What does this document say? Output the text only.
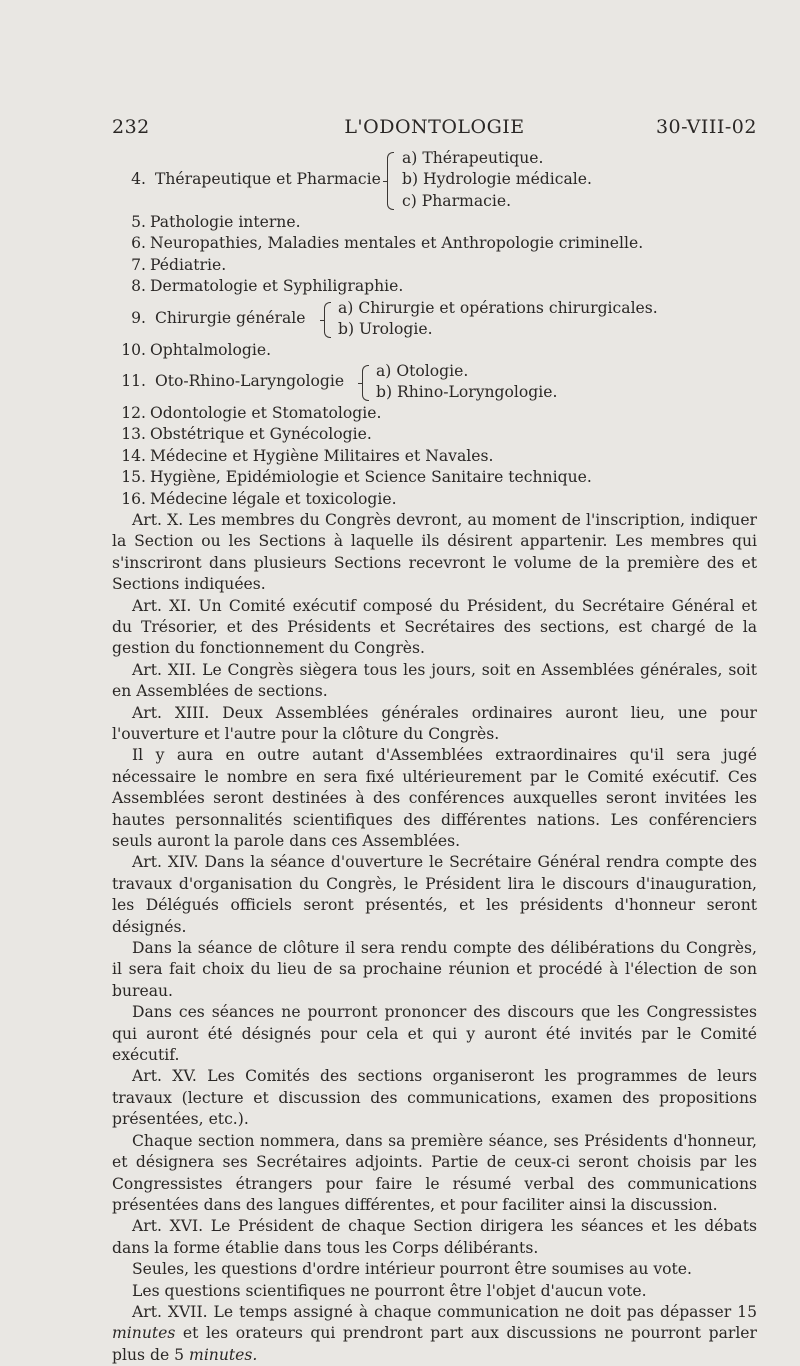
232	L'ODONTOLOGIE	30-VIII-02
4. Thérapeutique et Pharmacie
a) Thérapeutique.
b) Hydrologie médicale.
c) Pharmacie.
5. Pathologie interne.
6. Neuropathies, Maladies mentales et Anthropologie criminelle.
7. Pédiatrie.
8. Dermatologie et Syphiligraphie.
9. Chirurgie générale
a) Chirurgie et opérations chirurgicales.
b) Urologie.
10. Ophtalmologie.
11. Oto-Rhino-Laryngologie
a) Otologie.
b) Rhino-Loryngologie.
12. Odontologie et Stomatologie.
13. Obstétrique et Gynécologie.
14. Médecine et Hygiène Militaires et Navales.
15. Hygiène, Epidémiologie et Science Sanitaire technique.
16. Médecine légale et toxicologie.

Art. X. Les membres du Congrès devront, au moment de l'inscription, indiquer la Section ou les Sections à laquelle ils désirent appartenir. Les membres qui s'inscriront dans plusieurs Sections recevront le volume de la première des et Sections indiquées.

Art. XI. Un Comité exécutif composé du Président, du Secrétaire Général et du Trésorier, et des Présidents et Secrétaires des sections, est chargé de la gestion du fonctionnement du Congrès.

Art. XII. Le Congrès siègera tous les jours, soit en Assemblées générales, soit en Assemblées de sections.

Art. XIII. Deux Assemblées générales ordinaires auront lieu, une pour l'ouverture et l'autre pour la clôture du Congrès.

Il y aura en outre autant d'Assemblées extraordinaires qu'il sera jugé nécessaire le nombre en sera fixé ultérieurement par le Comité exécutif. Ces Assemblées seront destinées à des conférences auxquelles seront invitées les hautes personnalités scientifiques des différentes nations. Les conférenciers seuls auront la parole dans ces Assemblées.

Art. XIV. Dans la séance d'ouverture le Secrétaire Général rendra compte des travaux d'organisation du Congrès, le Président lira le discours d'inauguration, les Délégués officiels seront présentés, et les présidents d'honneur seront désignés.

Dans la séance de clôture il sera rendu compte des délibérations du Congrès, il sera fait choix du lieu de sa prochaine réunion et procédé à l'élection de son bureau.

Dans ces séances ne pourront prononcer des discours que les Congressistes qui auront été désignés pour cela et qui y auront été invités par le Comité exécutif.

Art. XV. Les Comités des sections organiseront les programmes de leurs travaux (lecture et discussion des communications, examen des propositions présentées, etc.).

Chaque section nommera, dans sa première séance, ses Présidents d'honneur, et désignera ses Secrétaires adjoints. Partie de ceux-ci seront choisis par les Congressistes étrangers pour faire le résumé verbal des communications présentées dans des langues différentes, et pour faciliter ainsi la discussion.

Art. XVI. Le Président de chaque Section dirigera les séances et les débats dans la forme établie dans tous les Corps délibérants.

Seules, les questions d'ordre intérieur pourront être soumises au vote.

Les questions scientifiques ne pourront être l'objet d'aucun vote.

Art. XVII. Le temps assigné à chaque communication ne doit pas dépasser 15 minutes et les orateurs qui prendront part aux discussions ne pourront parler plus de 5 minutes.
